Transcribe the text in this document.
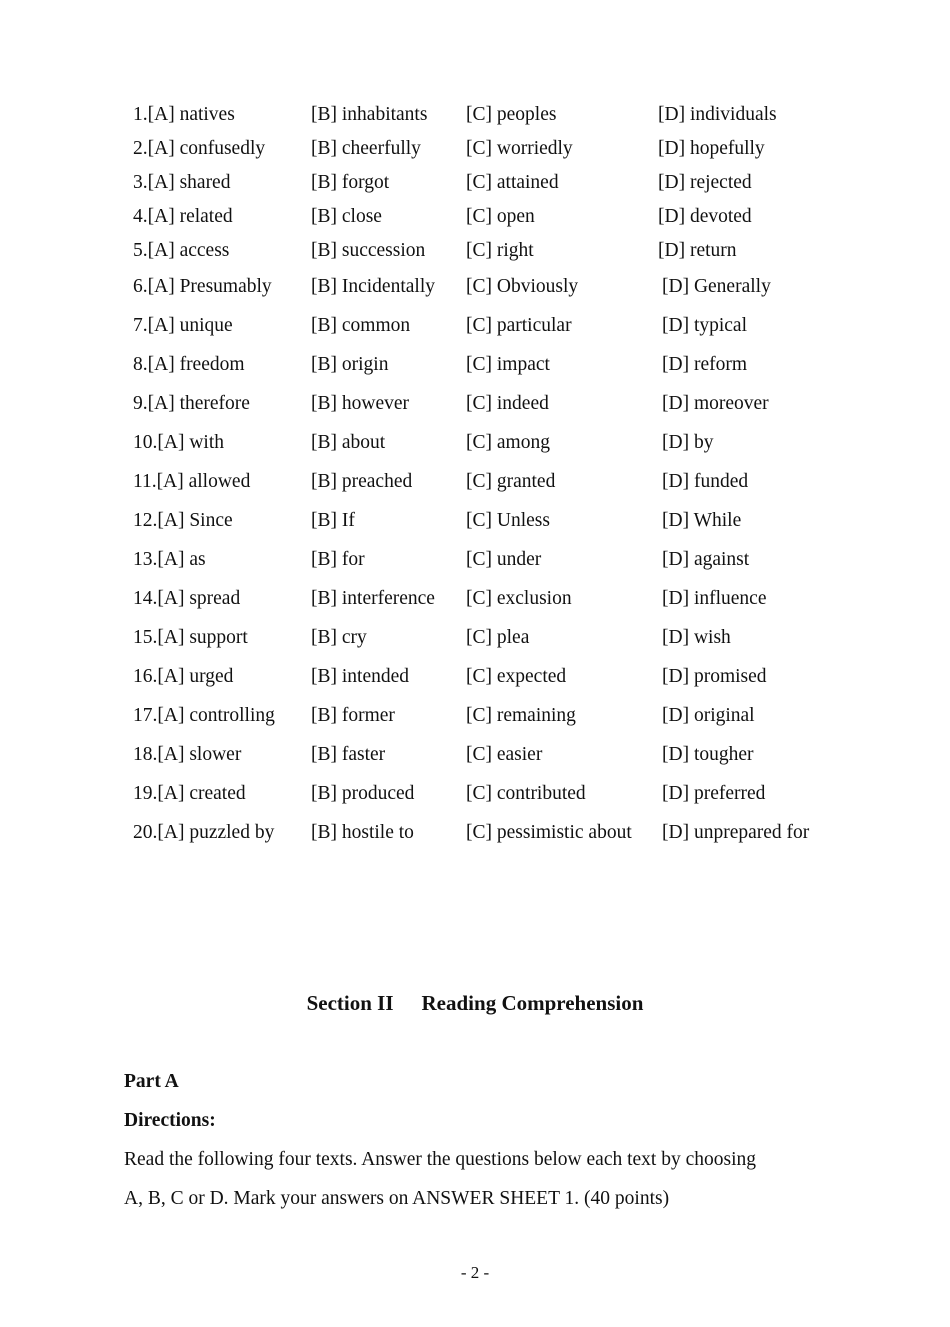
1.[A] natives	[B] inhabitants [C] peoples	[D] individuals
2.[A] confusedly [B] cheerfully [C] worriedly	[D] hopefully
3.[A] shared	[B] forgot	[C] attained	[D] rejected
4.[A] related	[B] close	[C] open	[D] devoted
5.[A] access	[B] succession [C] right	[D] return
6.[A] Presumably [B] Incidentally [C] Obviously	[D] Generally
7.[A] unique	[B] common	[C] particular	[D] typical
8.[A] freedom	[B] origin	[C] impact	[D] reform
9.[A] therefore	[B] however	[C] indeed	[D] moreover
10.[A] with	[B] about	[C] among	[D] by
11.[A] allowed	[B] preached	[C] granted	[D] funded
12.[A] Since	[B] If	[C] Unless	[D] While
13.[A] as	[B] for	[C] under	[D] against
14.[A] spread	[B] interference [C] exclusion	[D] influence
15.[A] support	[B] cry	[C] plea	[D] wish
16.[A] urged	[B] intended	[C] expected	[D] promised
17.[A] controlling [B] former	[C] remaining	[D] original
18.[A] slower	[B] faster	[C] easier	[D] tougher
19.[A] created	[B] produced	[C] contributed	[D] preferred
20.[A] puzzled by [B] hostile to	[C] pessimistic about [D] unprepared for
Section II Reading Comprehension
Part A
Directions:
Read the following four texts. Answer the questions below each text by choosing
A, B, C or D. Mark your answers on ANSWER SHEET 1. (40 points)
- 2 -
